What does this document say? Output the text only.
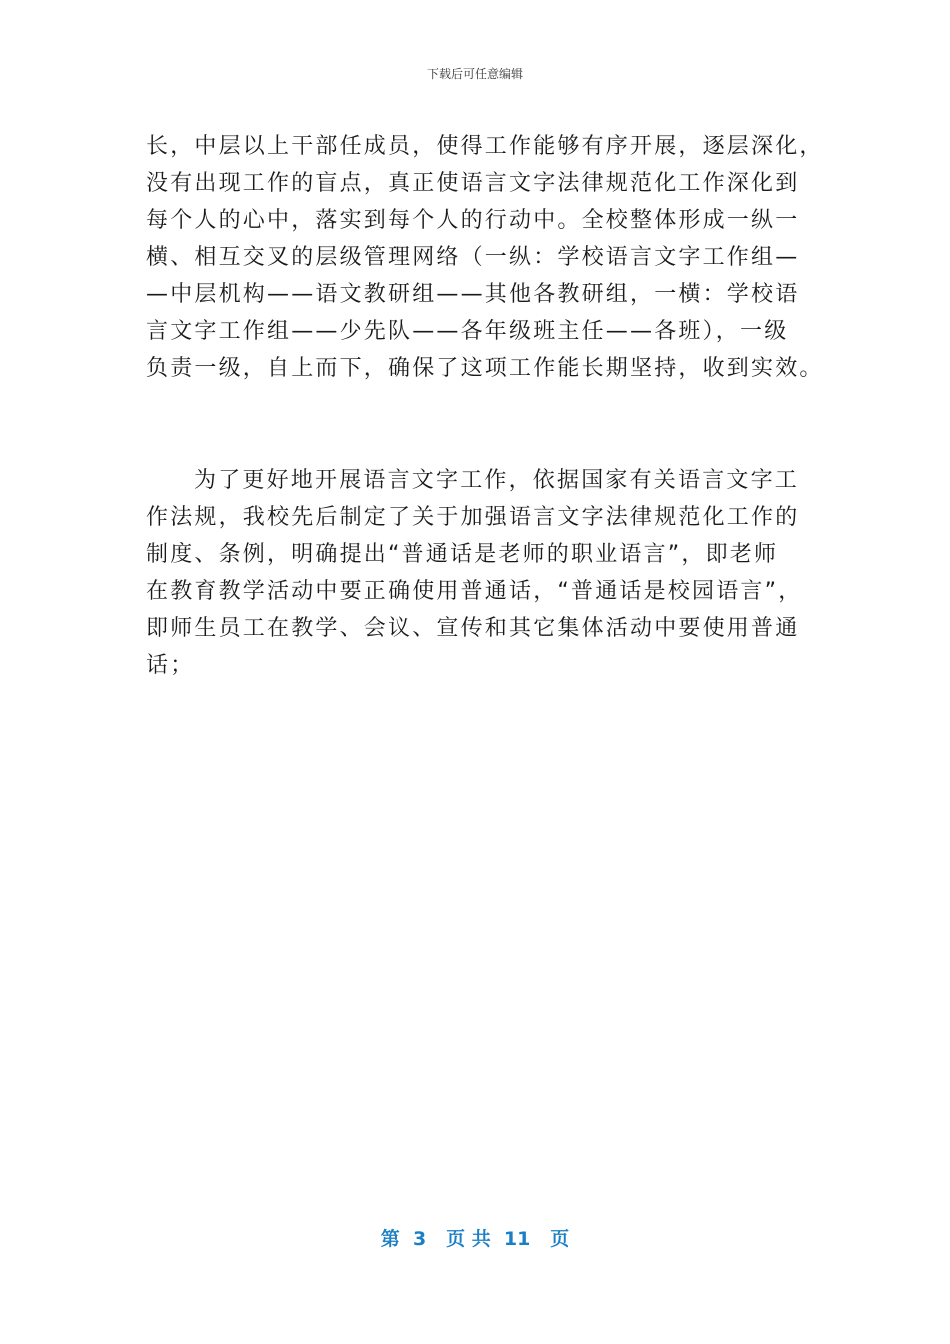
下载后可任意编辑
长，中层以上干部任成员，使得工作能够有序开展，逐层深化，
没有出现工作的盲点，真正使语言文字法律规范化工作深化到
每个人的心中，落实到每个人的行动中。全校整体形成一纵一
横、相互交叉的层级管理网络（一纵：学校语言文字工作组—
—中层机构——语文教研组——其他各教研组，一横：学校语
言文字工作组——少先队——各年级班主任——各班），一级
负责一级，自上而下，确保了这项工作能长期坚持，收到实效。
为了更好地开展语言文字工作，依据国家有关语言文字工
作法规，我校先后制定了关于加强语言文字法律规范化工作的
制度、条例，明确提出“普通话是老师的职业语言”，即老师
在教育教学活动中要正确使用普通话，“普通话是校园语言”，
即师生员工在教学、会议、宣传和其它集体活动中要使用普通
话；
第  3   页 共  11   页
